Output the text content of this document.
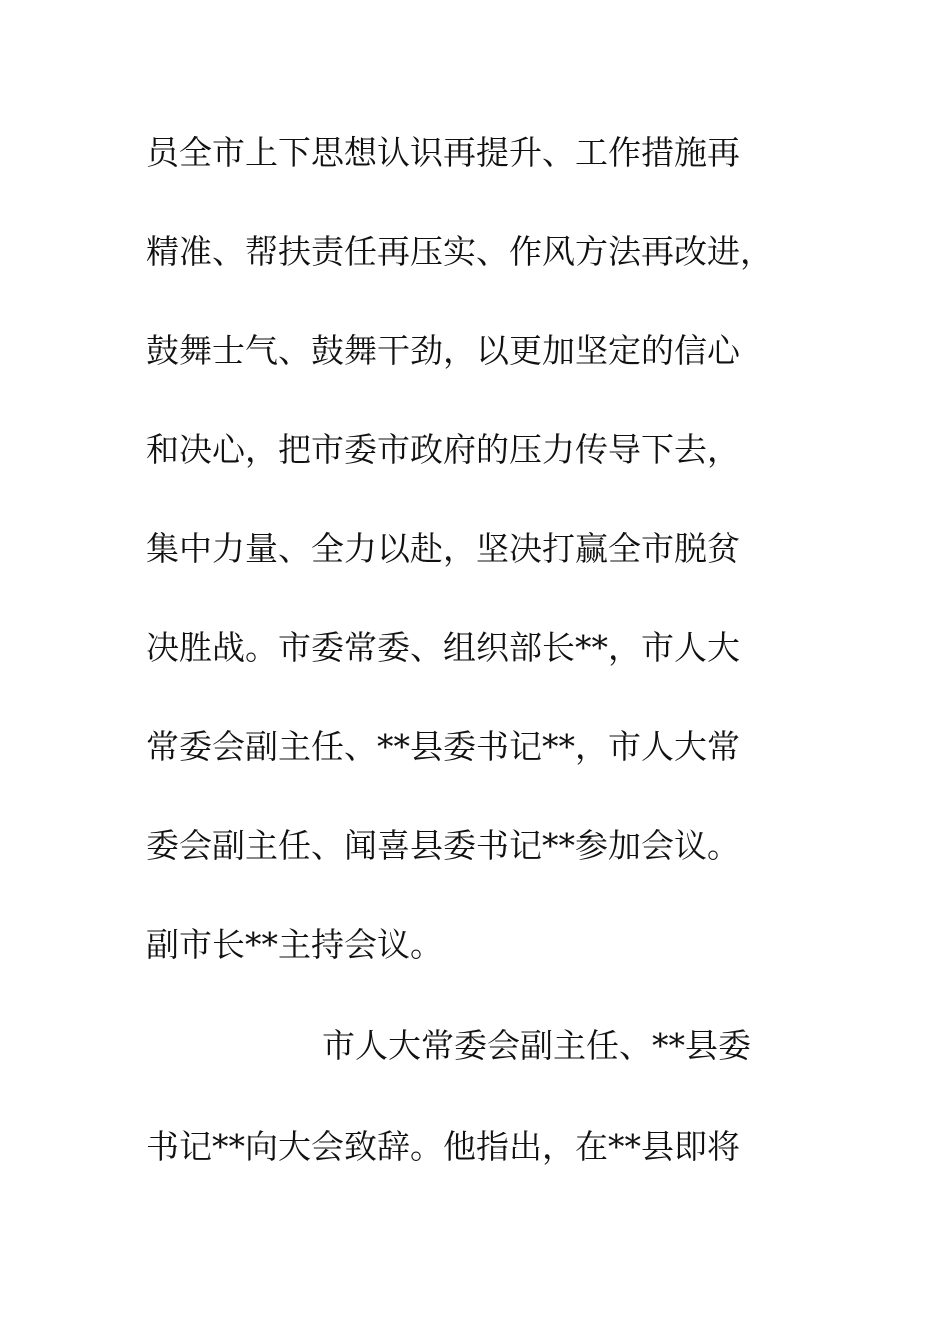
员全市上下思想认识再提升、工作措施再
精准、帮扶责任再压实、作风方法再改进，
鼓舞士气、鼓舞干劲，以更加坚定的信心
和决心，把市委市政府的压力传导下去，
集中力量、全力以赴，坚决打赢全市脱贫
决胜战。市委常委、组织部长**，市人大
常委会副主任、**县委书记**，市人大常
委会副主任、闻喜县委书记**参加会议。
副市长**主持会议。
市人大常委会副主任、**县委
书记**向大会致辞。他指出，在**县即将
